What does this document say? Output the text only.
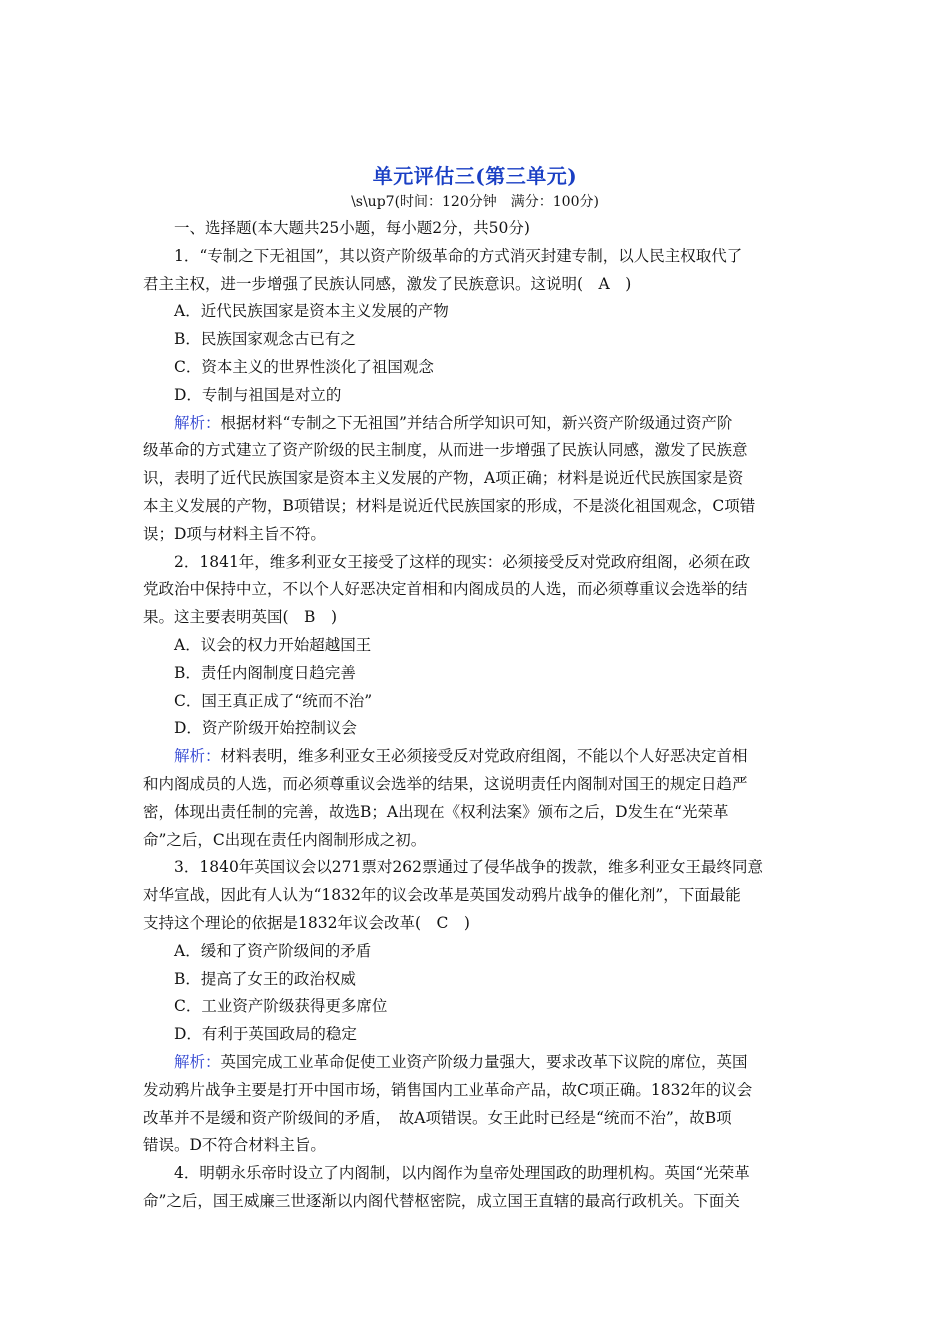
单元评估三(第三单元)
\s\up7(时间：120分钟　满分：100分)
一、选择题(本大题共25小题，每小题2分，共50分)
1．“专制之下无祖国”，其以资产阶级革命的方式消灭封建专制，以人民主权取代了
君主主权，进一步增强了民族认同感，激发了民族意识。这说明(　A　)
A．近代民族国家是资本主义发展的产物
B．民族国家观念古已有之
C．资本主义的世界性淡化了祖国观念
D．专制与祖国是对立的
解析：根据材料“专制之下无祖国”并结合所学知识可知，新兴资产阶级通过资产阶
级革命的方式建立了资产阶级的民主制度，从而进一步增强了民族认同感，激发了民族意
识，表明了近代民族国家是资本主义发展的产物，A项正确；材料是说近代民族国家是资
本主义发展的产物，B项错误；材料是说近代民族国家的形成，不是淡化祖国观念，C项错
误；D项与材料主旨不符。
2．1841年，维多利亚女王接受了这样的现实：必须接受反对党政府组阁，必须在政
党政治中保持中立，不以个人好恶决定首相和内阁成员的人选，而必须尊重议会选举的结
果。这主要表明英国(　B　)
A．议会的权力开始超越国王
B．责任内阁制度日趋完善
C．国王真正成了“统而不治”
D．资产阶级开始控制议会
解析：材料表明，维多利亚女王必须接受反对党政府组阁，不能以个人好恶决定首相
和内阁成员的人选，而必须尊重议会选举的结果，这说明责任内阁制对国王的规定日趋严
密，体现出责任制的完善，故选B；A出现在《权利法案》颁布之后，D发生在“光荣革
命”之后，C出现在责任内阁制形成之初。
3．1840年英国议会以271票对262票通过了侵华战争的拨款，维多利亚女王最终同意
对华宣战，因此有人认为“1832年的议会改革是英国发动鸦片战争的催化剂”，下面最能
支持这个理论的依据是1832年议会改革(　C　)
A．缓和了资产阶级间的矛盾
B．提高了女王的政治权威
C．工业资产阶级获得更多席位
D．有利于英国政局的稳定
解析：英国完成工业革命促使工业资产阶级力量强大，要求改革下议院的席位，英国
发动鸦片战争主要是打开中国市场，销售国内工业革命产品，故C项正确。1832年的议会
改革并不是缓和资产阶级间的矛盾，　故A项错误。女王此时已经是“统而不治”，故B项
错误。D不符合材料主旨。
4．明朝永乐帝时设立了内阁制，以内阁作为皇帝处理国政的助理机构。英国“光荣革
命”之后，国王威廉三世逐渐以内阁代替枢密院，成立国王直辖的最高行政机关。下面关
